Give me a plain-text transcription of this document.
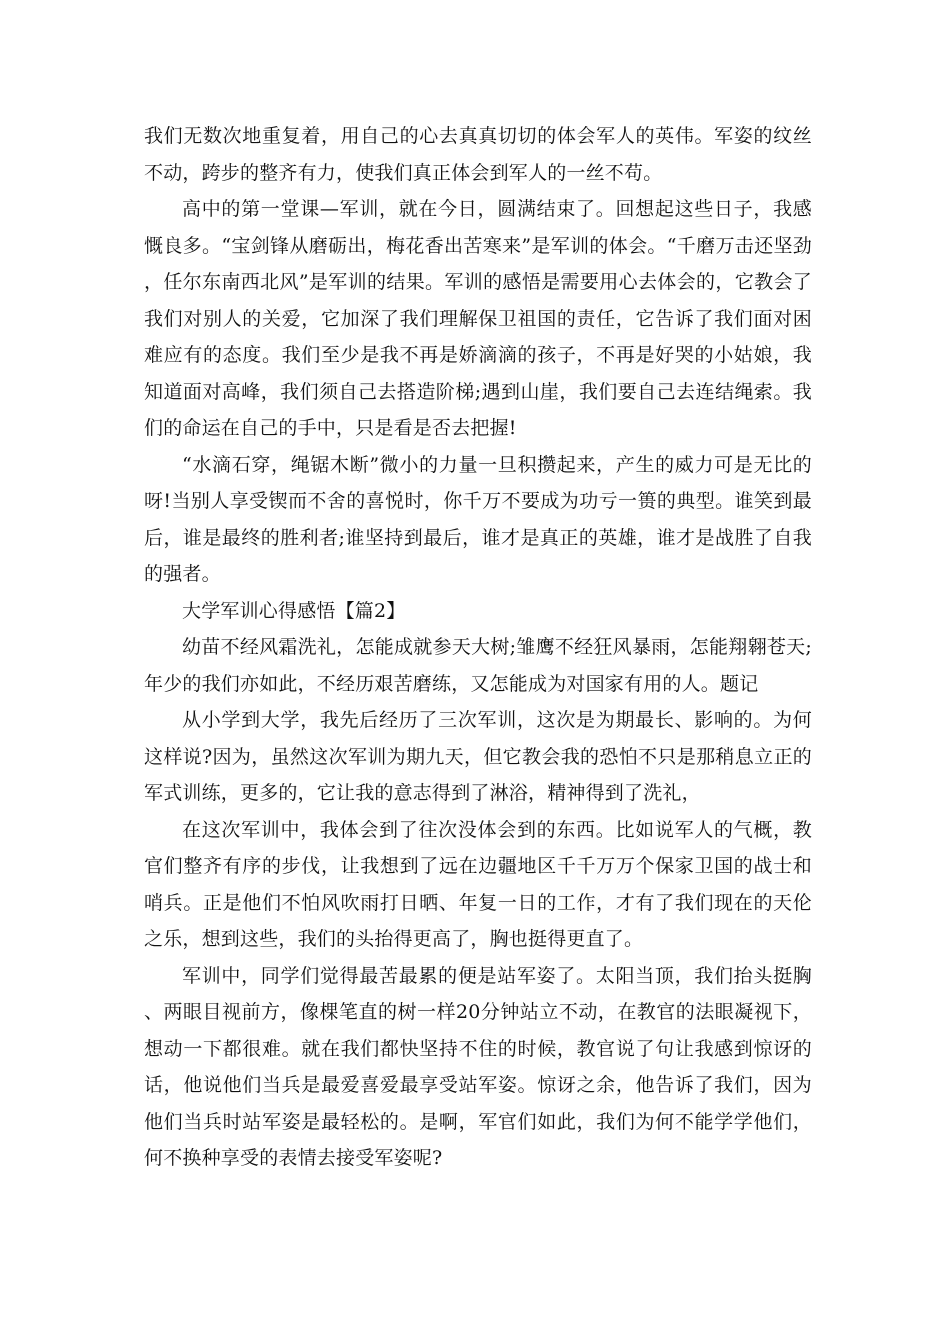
我们无数次地重复着，用自己的心去真真切切的体会军人的英伟。军姿的纹丝不动，跨步的整齐有力，使我们真正体会到军人的一丝不苟。

高中的第一堂课—军训，就在今日，圆满结束了。回想起这些日子，我感慨良多。“宝剑锋从磨砺出，梅花香出苦寒来”是军训的体会。“千磨万击还坚劲，任尔东南西北风”是军训的结果。军训的感悟是需要用心去体会的，它教会了我们对别人的关爱，它加深了我们理解保卫祖国的责任，它告诉了我们面对困难应有的态度。我们至少是我不再是娇滴滴的孩子，不再是好哭的小姑娘，我知道面对高峰，我们须自己去搭造阶梯;遇到山崖，我们要自己去连结绳索。我们的命运在自己的手中，只是看是否去把握!

“水滴石穿，绳锯木断”微小的力量一旦积攒起来，产生的威力可是无比的呀!当别人享受锲而不舍的喜悦时，你千万不要成为功亏一篑的典型。谁笑到最后，谁是最终的胜利者;谁坚持到最后，谁才是真正的英雄，谁才是战胜了自我的强者。

大学军训心得感悟【篇2】

幼苗不经风霜洗礼，怎能成就参天大树;雏鹰不经狂风暴雨，怎能翔翱苍天;年少的我们亦如此，不经历艰苦磨练，又怎能成为对国家有用的人。题记

从小学到大学，我先后经历了三次军训，这次是为期最长、影响的。为何这样说?因为，虽然这次军训为期九天，但它教会我的恐怕不只是那稍息立正的军式训练，更多的，它让我的意志得到了淋浴，精神得到了洗礼，

在这次军训中，我体会到了往次没体会到的东西。比如说军人的气概，教官们整齐有序的步伐，让我想到了远在边疆地区千千万万个保家卫国的战士和哨兵。正是他们不怕风吹雨打日晒、年复一日的工作，才有了我们现在的天伦之乐，想到这些，我们的头抬得更高了，胸也挺得更直了。

军训中，同学们觉得最苦最累的便是站军姿了。太阳当顶，我们抬头挺胸、两眼目视前方，像棵笔直的树一样20分钟站立不动，在教官的法眼凝视下，想动一下都很难。就在我们都快坚持不住的时候，教官说了句让我感到惊讶的话，他说他们当兵是最爱喜爱最享受站军姿。惊讶之余，他告诉了我们，因为他们当兵时站军姿是最轻松的。是啊，军官们如此，我们为何不能学学他们，何不换种享受的表情去接受军姿呢?
